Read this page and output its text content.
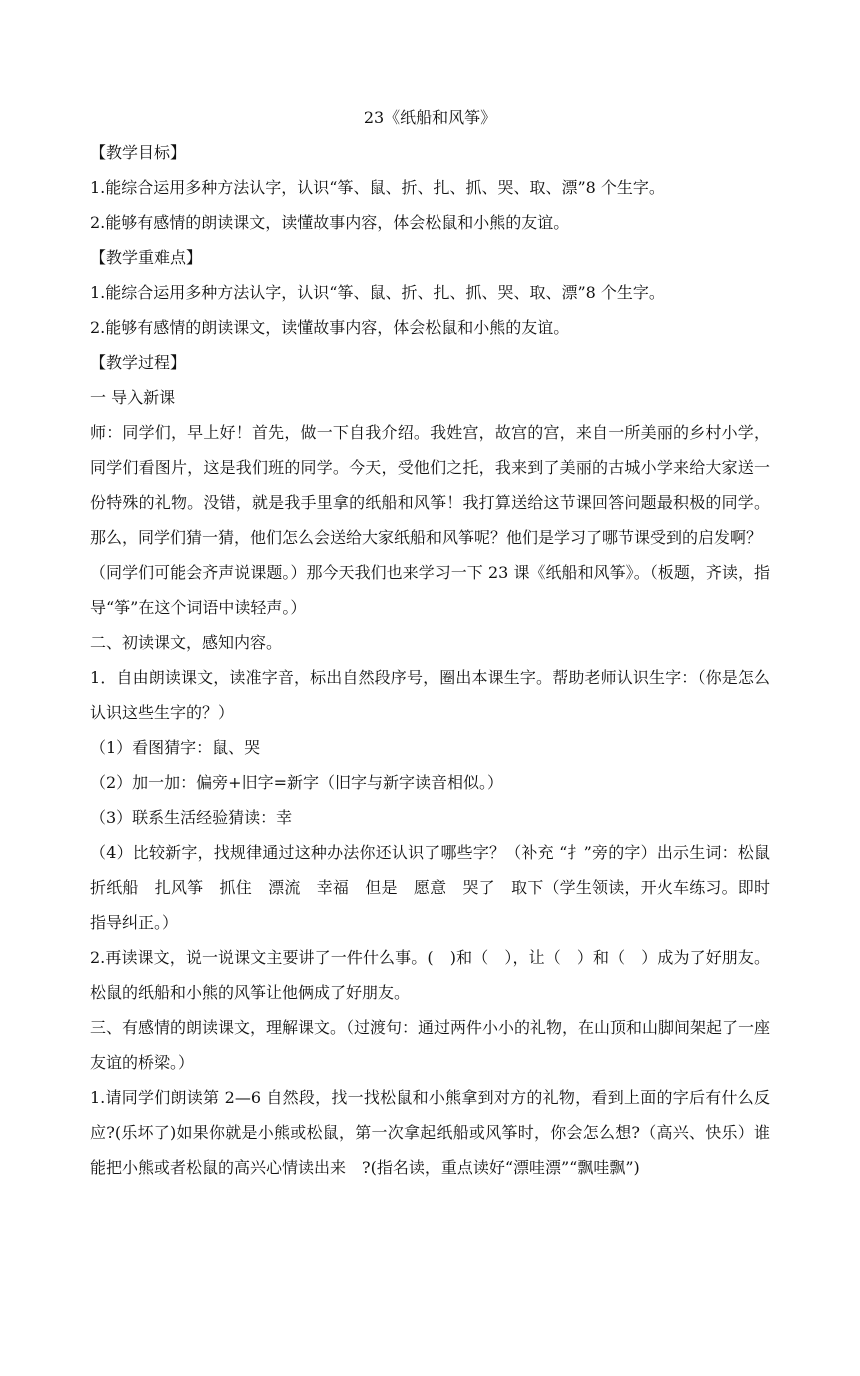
23《纸船和风筝》

【教学目标】

1.能综合运用多种方法认字，认识“筝、鼠、折、扎、抓、哭、取、漂”8 个生字。

2.能够有感情的朗读课文，读懂故事内容，体会松鼠和小熊的友谊。

【教学重难点】

1.能综合运用多种方法认字，认识“筝、鼠、折、扎、抓、哭、取、漂”8 个生字。

2.能够有感情的朗读课文，读懂故事内容，体会松鼠和小熊的友谊。

【教学过程】

一 导入新课

师：同学们，早上好！首先，做一下自我介绍。我姓宫，故宫的宫，来自一所美丽的乡村小学，同学们看图片，这是我们班的同学。今天，受他们之托，我来到了美丽的古城小学来给大家送一份特殊的礼物。没错，就是我手里拿的纸船和风筝！我打算送给这节课回答问题最积极的同学。那么，同学们猜一猜，他们怎么会送给大家纸船和风筝呢？他们是学习了哪节课受到的启发啊？

（同学们可能会齐声说课题。）那今天我们也来学习一下 23 课《纸船和风筝》。（板题，齐读，指导“筝”在这个词语中读轻声。）

二、初读课文，感知内容。

1．自由朗读课文，读准字音，标出自然段序号，圈出本课生字。帮助老师认识生字：（你是怎么认识这些生字的？）

（1）看图猜字：鼠、哭

（2）加一加：偏旁+旧字=新字（旧字与新字读音相似。）

（3）联系生活经验猜读：幸

（4）比较新字，找规律通过这种办法你还认识了哪些字？（补充 “扌”旁的字）出示生词：松鼠　折纸船　扎风筝　抓住　漂流　幸福　但是　愿意　哭了　取下（学生领读，开火车练习。即时指导纠正。）

2.再读课文，说一说课文主要讲了一件什么事。(　)和（　），让（　）和（　）成为了好朋友。松鼠的纸船和小熊的风筝让他俩成了好朋友。

三、有感情的朗读课文，理解课文。（过渡句：通过两件小小的礼物，在山顶和山脚间架起了一座友谊的桥梁。）

1.请同学们朗读第 2—6 自然段，找一找松鼠和小熊拿到对方的礼物，看到上面的字后有什么反应?(乐坏了)如果你就是小熊或松鼠，第一次拿起纸船或风筝时，你会怎么想?（高兴、快乐）谁能把小熊或者松鼠的高兴心情读出来　?(指名读，重点读好“漂哇漂”“飘哇飘”)
